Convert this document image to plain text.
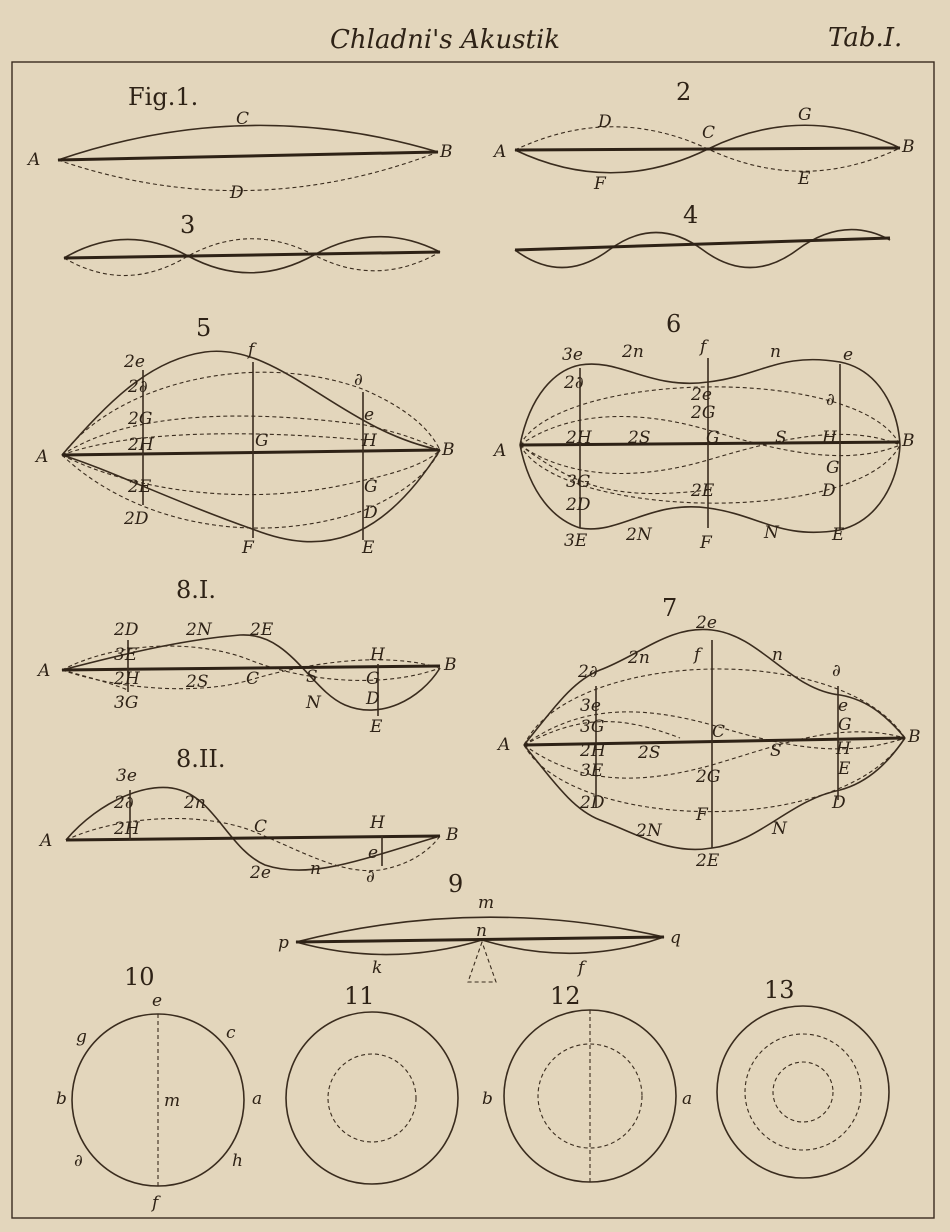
Chladni's Akustik	Tab.I.
Fig.1.
A	B
C
D
2
A	B
C
D
E
F
G
3	4
5
2e
f
2∂	∂
2G	e
2H	G	H
A	B
2E	G
2D	D
F	E
6
3e 2n	f	n	e
2∂
2e	∂
2G
2H 2S	G	S H
A	B
G
3G	2E	D
2D
3E 2N	F	N	E
8.I.
2D	2N 2E
3E	H
A	B
2H	2S C	S	G
3G	N	D
E
8.II.
3e
2∂	2n
2H	C	H
A	B
e
2e n	∂
7
2e
2∂
2n	f	n
∂
3e	e
3G	G
A	B
2H
C
2S	S	H
3E	2G	E
2D	D
F
2N	N
2E
9
m
p	q
n
k	f
10
e
g	c
b	m	a
∂	h
f
11	12
b	a
13
